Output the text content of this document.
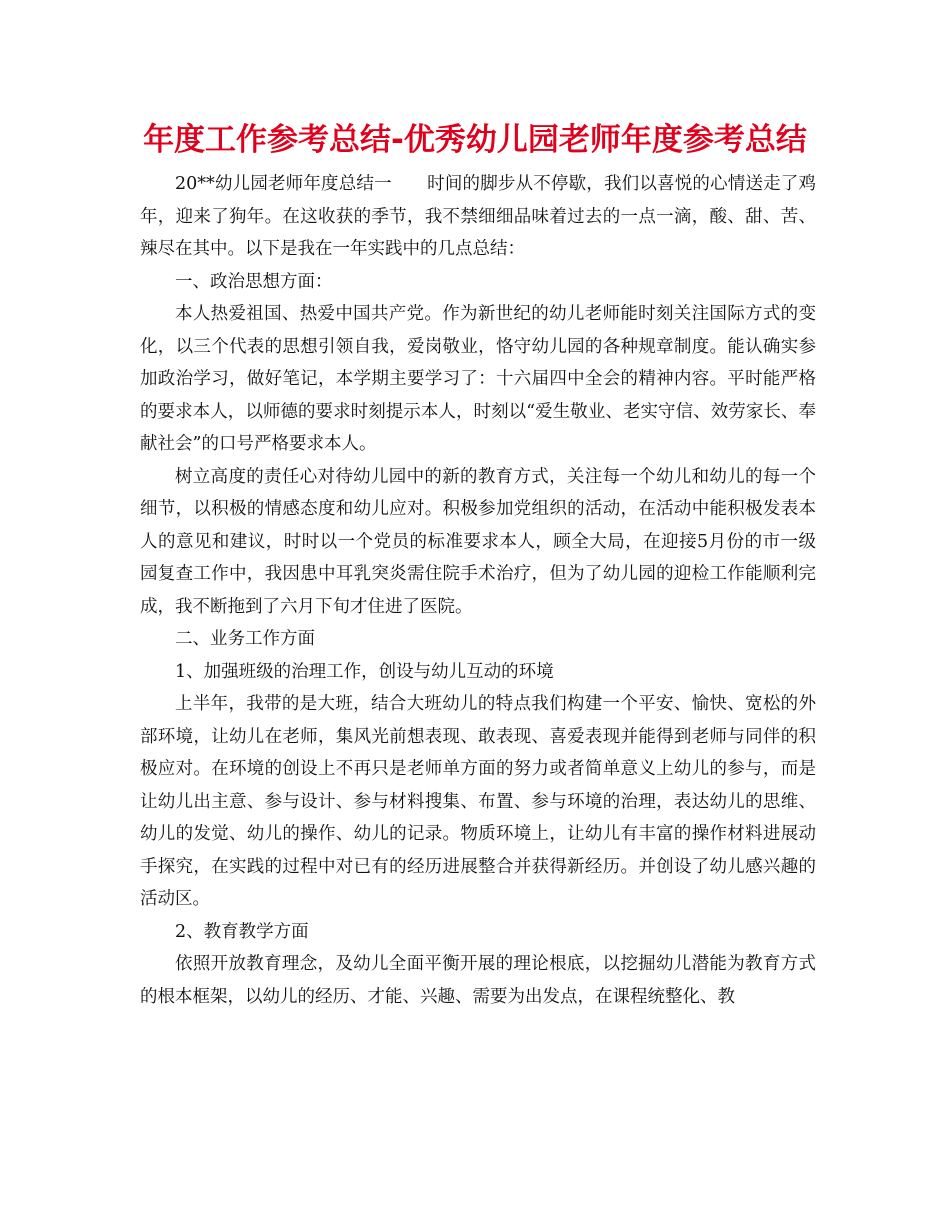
年度工作参考总结-优秀幼儿园老师年度参考总结

20**幼儿园老师年度总结一　　时间的脚步从不停歇，我们以喜悦的心情送走了鸡年，迎来了狗年。在这收获的季节，我不禁细细品味着过去的一点一滴，酸、甜、苦、辣尽在其中。以下是我在一年实践中的几点总结：

一、政治思想方面：

本人热爱祖国、热爱中国共产党。作为新世纪的幼儿老师能时刻关注国际方式的变化，以三个代表的思想引领自我，爱岗敬业，恪守幼儿园的各种规章制度。能认确实参加政治学习，做好笔记，本学期主要学习了：十六届四中全会的精神内容。平时能严格的要求本人，以师德的要求时刻提示本人，时刻以“爱生敬业、老实守信、效劳家长、奉献社会”的口号严格要求本人。

树立高度的责任心对待幼儿园中的新的教育方式，关注每一个幼儿和幼儿的每一个细节，以积极的情感态度和幼儿应对。积极参加党组织的活动，在活动中能积极发表本人的意见和建议，时时以一个党员的标准要求本人，顾全大局，在迎接5月份的市一级园复查工作中，我因患中耳乳突炎需住院手术治疗，但为了幼儿园的迎检工作能顺利完成，我不断拖到了六月下旬才住进了医院。

二、业务工作方面

1、加强班级的治理工作，创设与幼儿互动的环境

上半年，我带的是大班，结合大班幼儿的特点我们构建一个平安、愉快、宽松的外部环境，让幼儿在老师，集风光前想表现、敢表现、喜爱表现并能得到老师与同伴的积极应对。在环境的创设上不再只是老师单方面的努力或者简单意义上幼儿的参与，而是让幼儿出主意、参与设计、参与材料搜集、布置、参与环境的治理，表达幼儿的思维、幼儿的发觉、幼儿的操作、幼儿的记录。物质环境上，让幼儿有丰富的操作材料进展动手探究，在实践的过程中对已有的经历进展整合并获得新经历。并创设了幼儿感兴趣的活动区。

2、教育教学方面

依照开放教育理念，及幼儿全面平衡开展的理论根底，以挖掘幼儿潜能为教育方式的根本框架，以幼儿的经历、才能、兴趣、需要为出发点，在课程统整化、教
